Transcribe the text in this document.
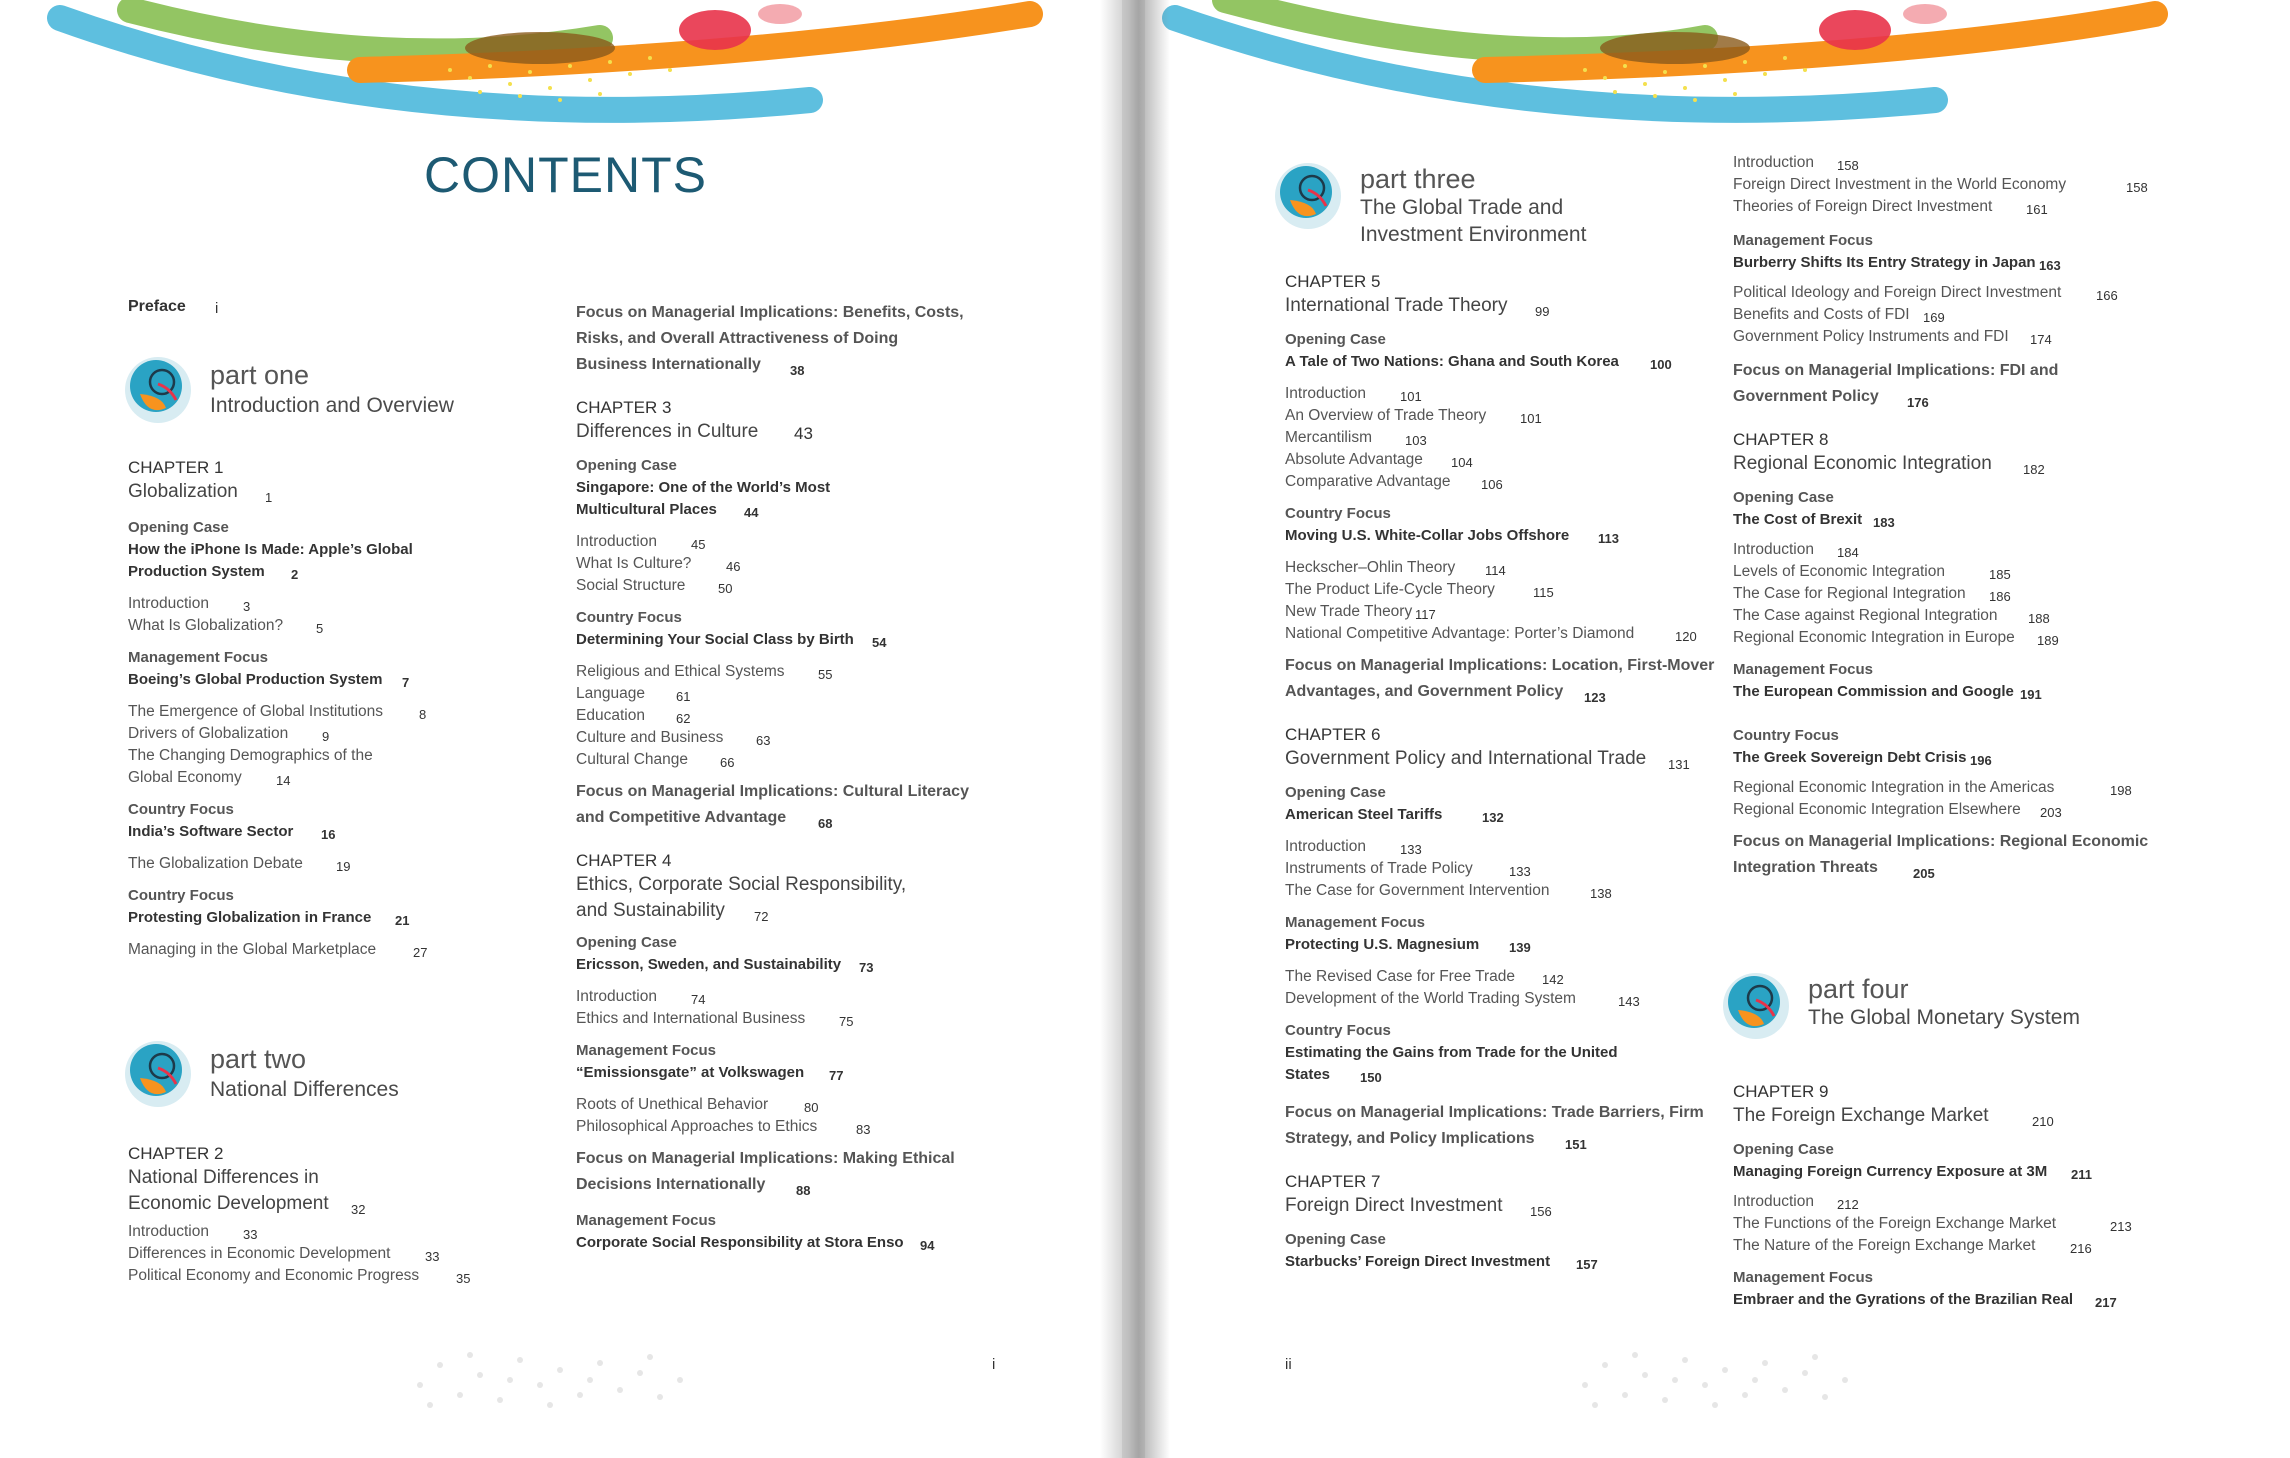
CONTENTS
Preface i
part one
Introduction and Overview
CHAPTER 1
Globalization 1
Opening Case
How the iPhone Is Made: Apple’s Global
Production System 2
Introduction	3
What Is Globalization?	5
Management Focus
Boeing’s Global Production System 7
The Emergence of Global Institutions	8
Drivers of Globalization	9
The Changing Demographics of the
Global Economy	14
Country Focus
India’s Software Sector 16
The Globalization Debate	19
Country Focus
Protesting Globalization in France 21
Managing in the Global Marketplace	27
part two
National Differences
CHAPTER 2
National Differences in
Economic Development 32
Introduction	33
Differences in Economic Development	33
Political Economy and Economic Progress	35
Focus on Managerial Implications: Benefits, Costs,
Risks, and Overall Attractiveness of Doing
Business Internationally 38
CHAPTER 3
Differences in Culture 43
Opening Case
Singapore: One of the World’s Most
Multicultural Places 44
Introduction	45
What Is Culture?	46
Social Structure	50
Country Focus
Determining Your Social Class by Birth 54
Religious and Ethical Systems	55
Language 61
Education 62
Culture and Business	63
Cultural Change 66
Focus on Managerial Implications: Cultural Literacy
and Competitive Advantage 68
CHAPTER 4
Ethics, Corporate Social Responsibility,
and Sustainability 72
Opening Case
Ericsson, Sweden, and Sustainability 73
Introduction	74
Ethics and International Business	75
Management Focus
“Emissionsgate” at Volkswagen 77
Roots of Unethical Behavior	80
Philosophical Approaches to Ethics	83
Focus on Managerial Implications: Making Ethical
Decisions Internationally 88
Management Focus
Corporate Social Responsibility at Stora Enso 94
i
part three
The Global Trade and
Investment Environment
CHAPTER 5
International Trade Theory 99
Opening Case
A Tale of Two Nations: Ghana and South Korea 100
Introduction	101
An Overview of Trade Theory	101
Mercantilism	103
Absolute Advantage 104
Comparative Advantage 106
Country Focus
Moving U.S. White-Collar Jobs Offshore 113
Heckscher–Ohlin Theory 114
The Product Life-Cycle Theory	115
New Trade Theory 117
National Competitive Advantage: Porter’s Diamond	120
Focus on Managerial Implications: Location, First-Mover
Advantages, and Government Policy 123
CHAPTER 6
Government Policy and International Trade 131
Opening Case
American Steel Tariffs	132
Introduction	133
Instruments of Trade Policy	133
The Case for Government Intervention	138
Management Focus
Protecting U.S. Magnesium 139
The Revised Case for Free Trade 142
Development of the World Trading System	143
Country Focus
Estimating the Gains from Trade for the United
States 150
Focus on Managerial Implications: Trade Barriers, Firm
Strategy, and Policy Implications 151
CHAPTER 7
Foreign Direct Investment 156
Opening Case
Starbucks’ Foreign Direct Investment 157
Introduction 158
Foreign Direct Investment in the World Economy	158
Theories of Foreign Direct Investment	161
Management Focus
Burberry Shifts Its Entry Strategy in Japan 163
Political Ideology and Foreign Direct Investment	166
Benefits and Costs of FDI 169
Government Policy Instruments and FDI 174
Focus on Managerial Implications: FDI and
Government Policy 176
CHAPTER 8
Regional Economic Integration 182
Opening Case
The Cost of Brexit 183
Introduction 184
Levels of Economic Integration	185
The Case for Regional Integration 186
The Case against Regional Integration 188
Regional Economic Integration in Europe 189
Management Focus
The European Commission and Google 191
Country Focus
The Greek Sovereign Debt Crisis 196
Regional Economic Integration in the Americas	198
Regional Economic Integration Elsewhere 203
Focus on Managerial Implications: Regional Economic
Integration Threats	205
part four
The Global Monetary System
CHAPTER 9
The Foreign Exchange Market	210
Opening Case
Managing Foreign Currency Exposure at 3M 211
Introduction 212
The Functions of the Foreign Exchange Market	213
The Nature of the Foreign Exchange Market	216
Management Focus
Embraer and the Gyrations of the Brazilian Real 217
ii
